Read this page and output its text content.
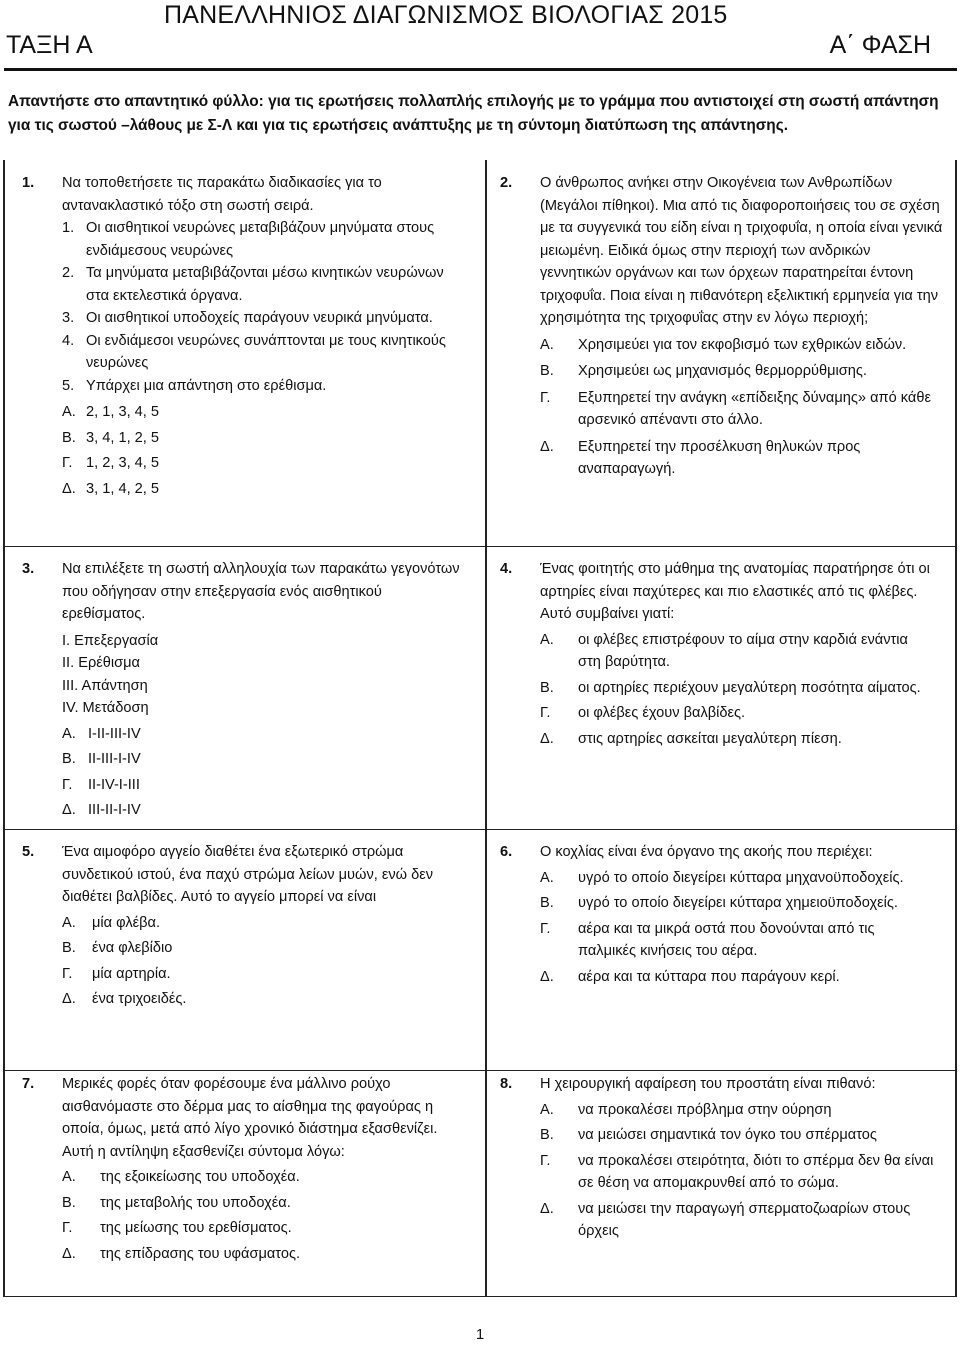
ΠΑΝΕΛΛΗΝΙΟΣ ΔΙΑΓΩΝΙΣΜΟΣ ΒΙΟΛΟΓΙΑΣ 2015
ΤΑΞΗ Α	Α΄ ΦΑΣΗ
Απαντήστε στο απαντητικό φύλλο: για τις ερωτήσεις πολλαπλής επιλογής με το γράμμα που αντιστοιχεί στη σωστή απάντηση για τις σωστού –λάθους με Σ-Λ και για τις ερωτήσεις ανάπτυξης με τη σύντομη διατύπωση της απάντησης.
1. Να τοποθετήσετε τις παρακάτω διαδικασίες για το αντανακλαστικό τόξο στη σωστή σειρά.

1. Οι αισθητικοί νευρώνες μεταβιβάζουν μηνύματα στους ενδιάμεσους νευρώνες
2. Τα μηνύματα μεταβιβάζονται μέσω κινητικών νευρώνων στα εκτελεστικά όργανα.
3. Οι αισθητικοί υποδοχείς παράγουν νευρικά μηνύματα.
4. Οι ενδιάμεσοι νευρώνες συνάπτονται με τους κινητικούς νευρώνες
5. Υπάρχει μια απάντηση στο ερέθισμα.
Α. 2, 1, 3, 4, 5
Β. 3, 4, 1, 2, 5
Γ. 1, 2, 3, 4, 5
Δ. 3, 1, 4, 2, 5
2. Ο άνθρωπος ανήκει στην Οικογένεια των Ανθρωπίδων (Μεγάλοι πίθηκοι). Μια από τις διαφοροποιήσεις του σε σχέση με τα συγγενικά του είδη είναι η τριχοφυΐα, η οποία είναι γενικά μειωμένη. Ειδικά όμως στην περιοχή των ανδρικών γεννητικών οργάνων και των όρχεων παρατηρείται έντονη τριχοφυΐα. Ποια είναι η πιθανότερη εξελικτική ερμηνεία για την χρησιμότητα της τριχοφυΐας στην εν λόγω περιοχή;

Α. Χρησιμεύει για τον εκφοβισμό των εχθρικών ειδών.
Β. Χρησιμεύει ως μηχανισμός θερμορρύθμισης.
Γ. Εξυπηρετεί την ανάγκη «επίδειξης δύναμης» από κάθε αρσενικό απέναντι στο άλλο.
Δ. Εξυπηρετεί την προσέλκυση θηλυκών προς αναπαραγωγή.
3. Να επιλέξετε τη σωστή αλληλουχία των παρακάτω γεγονότων που οδήγησαν στην επεξεργασία ενός αισθητικού ερεθίσματος.

Ι. Επεξεργασία
ΙΙ. Ερέθισμα
ΙΙΙ. Απάντηση
ΙV. Μετάδοση
Α. Ι-ΙΙ-ΙΙΙ-ΙV
Β. ΙΙ-ΙΙΙ-Ι-ΙV
Γ. ΙΙ-ΙV-Ι-ΙΙΙ
Δ. ΙΙΙ-ΙΙ-Ι-ΙV
4. Ένας φοιτητής στο μάθημα της ανατομίας παρατήρησε ότι οι αρτηρίες είναι παχύτερες και πιο ελαστικές από τις φλέβες. Αυτό συμβαίνει γιατί:

Α. οι φλέβες επιστρέφουν το αίμα στην καρδιά ενάντια στη βαρύτητα.
Β. οι αρτηρίες περιέχουν μεγαλύτερη ποσότητα αίματος.
Γ. οι φλέβες έχουν βαλβίδες.
Δ. στις αρτηρίες ασκείται μεγαλύτερη πίεση.
5. Ένα αιμοφόρο αγγείο διαθέτει ένα εξωτερικό στρώμα συνδετικού ιστού, ένα παχύ στρώμα λείων μυών, ενώ δεν διαθέτει βαλβίδες. Αυτό το αγγείο μπορεί να είναι

Α. μία φλέβα.
Β. ένα φλεβίδιο
Γ. μία αρτηρία.
Δ. ένα τριχοειδές.
6. Ο κοχλίας είναι ένα όργανο της ακοής που περιέχει:

Α. υγρό το οποίο διεγείρει κύτταρα μηχανοϋποδοχείς.
Β. υγρό το οποίο διεγείρει κύτταρα χημειοϋποδοχείς.
Γ. αέρα και τα μικρά οστά που δονούνται από τις παλμικές κινήσεις του αέρα.
Δ. αέρα και τα κύτταρα που παράγουν κερί.
7. Μερικές φορές όταν φορέσουμε ένα μάλλινο ρούχο αισθανόμαστε στο δέρμα μας το αίσθημα της φαγούρας η οποία, όμως, μετά από λίγο χρονικό διάστημα εξασθενίζει. Αυτή η αντίληψη εξασθενίζει σύντομα λόγω:

Α. της εξοικείωσης του υποδοχέα.
Β. της μεταβολής του υποδοχέα.
Γ. της μείωσης του ερεθίσματος.
Δ. της επίδρασης του υφάσματος.
8. Η χειρουργική αφαίρεση του προστάτη είναι πιθανό:

Α. να προκαλέσει πρόβλημα στην ούρηση
Β. να μειώσει σημαντικά τον όγκο του σπέρματος
Γ. να προκαλέσει στειρότητα, διότι το σπέρμα δεν θα είναι σε θέση να απομακρυνθεί από το σώμα.
Δ. να μειώσει την παραγωγή σπερματοζωαρίων στους όρχεις
1
